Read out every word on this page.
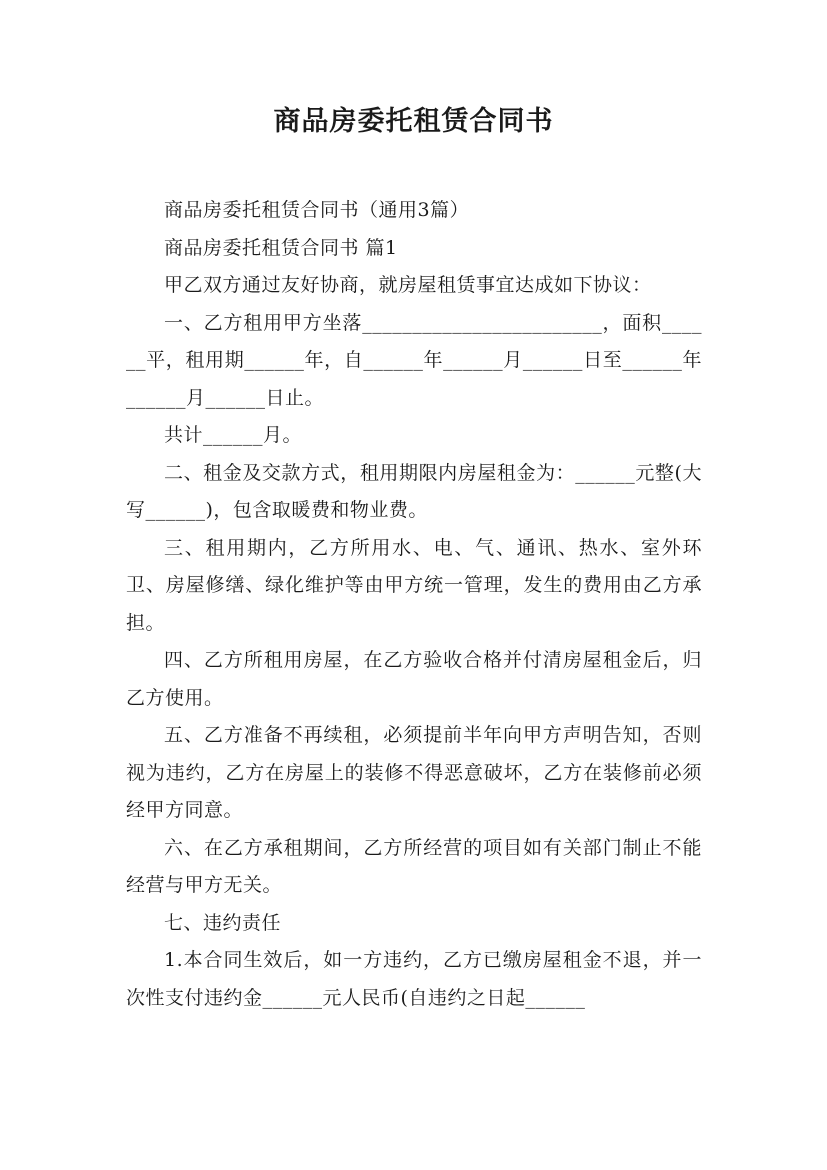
商品房委托租赁合同书

商品房委托租赁合同书（通用3篇）

商品房委托租赁合同书 篇1

甲乙双方通过友好协商，就房屋租赁事宜达成如下协议：

一、乙方租用甲方坐落________________________，面积______平，租用期______年，自______年______月______日至______年______月______日止。

共计______月。

二、租金及交款方式，租用期限内房屋租金为：______元整(大写______)，包含取暖费和物业费。

三、租用期内，乙方所用水、电、气、通讯、热水、室外环卫、房屋修缮、绿化维护等由甲方统一管理，发生的费用由乙方承担。

四、乙方所租用房屋，在乙方验收合格并付清房屋租金后，归乙方使用。

五、乙方准备不再续租，必须提前半年向甲方声明告知，否则视为违约，乙方在房屋上的装修不得恶意破坏，乙方在装修前必须经甲方同意。

六、在乙方承租期间，乙方所经营的项目如有关部门制止不能经营与甲方无关。

七、违约责任

1.本合同生效后，如一方违约，乙方已缴房屋租金不退，并一次性支付违约金______元人民币(自违约之日起______
